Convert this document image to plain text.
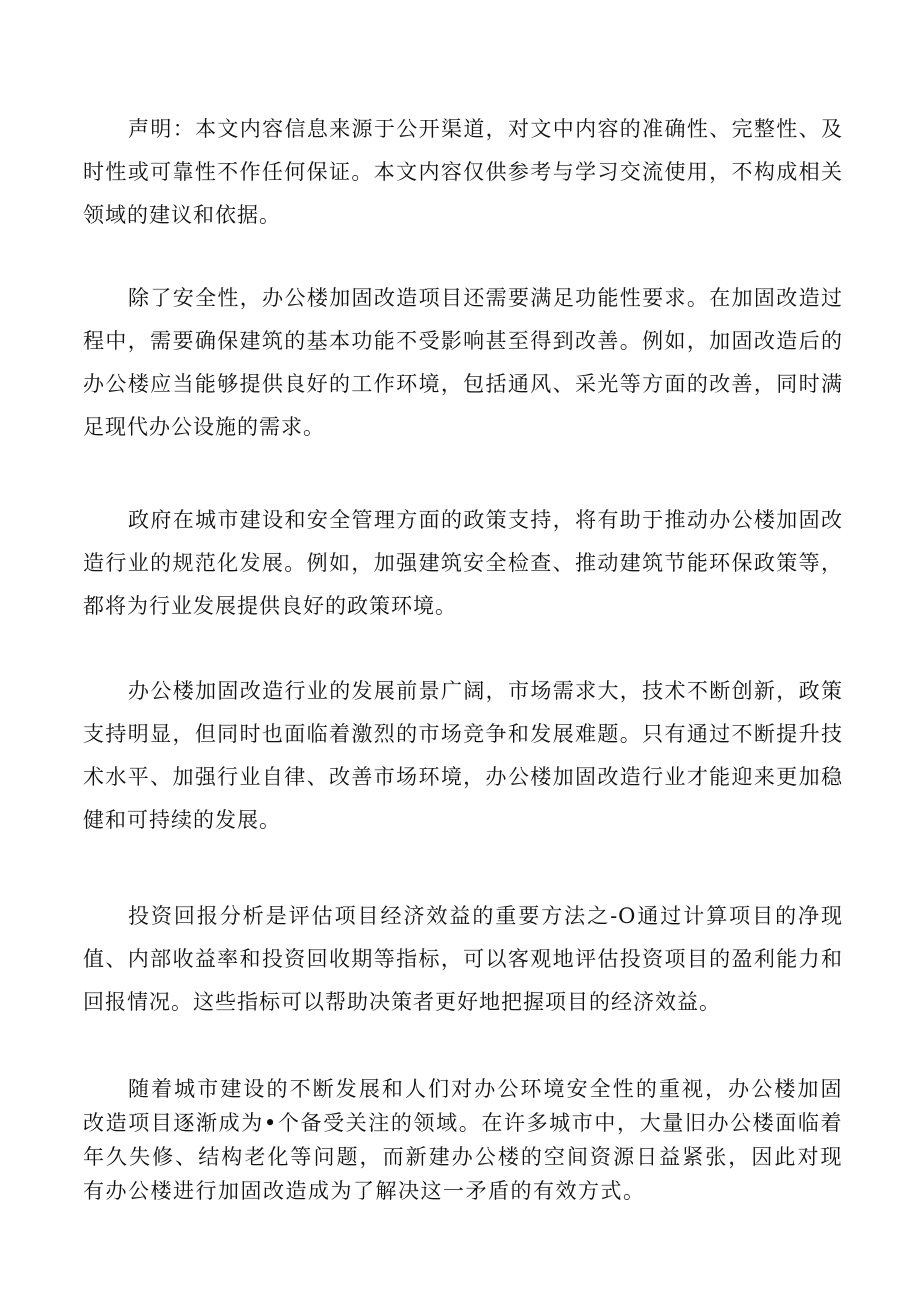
声明：本文内容信息来源于公开渠道，对文中内容的准确性、完整性、及时性或可靠性不作任何保证。本文内容仅供参考与学习交流使用，不构成相关领域的建议和依据。

除了安全性，办公楼加固改造项目还需要满足功能性要求。在加固改造过程中，需要确保建筑的基本功能不受影响甚至得到改善。例如，加固改造后的办公楼应当能够提供良好的工作环境，包括通风、采光等方面的改善，同时满足现代办公设施的需求。

政府在城市建设和安全管理方面的政策支持，将有助于推动办公楼加固改造行业的规范化发展。例如，加强建筑安全检查、推动建筑节能环保政策等，都将为行业发展提供良好的政策环境。

办公楼加固改造行业的发展前景广阔，市场需求大，技术不断创新，政策支持明显，但同时也面临着激烈的市场竞争和发展难题。只有通过不断提升技术水平、加强行业自律、改善市场环境，办公楼加固改造行业才能迎来更加稳健和可持续的发展。

投资回报分析是评估项目经济效益的重要方法之-O通过计算项目的净现值、内部收益率和投资回收期等指标，可以客观地评估投资项目的盈利能力和回报情况。这些指标可以帮助决策者更好地把握项目的经济效益。

随着城市建设的不断发展和人们对办公环境安全性的重视，办公楼加固改造项目逐渐成为•个备受关注的领域。在许多城市中，大量旧办公楼面临着年久失修、结构老化等问题，而新建办公楼的空间资源日益紧张，因此对现有办公楼进行加固改造成为了解决这一矛盾的有效方式。
